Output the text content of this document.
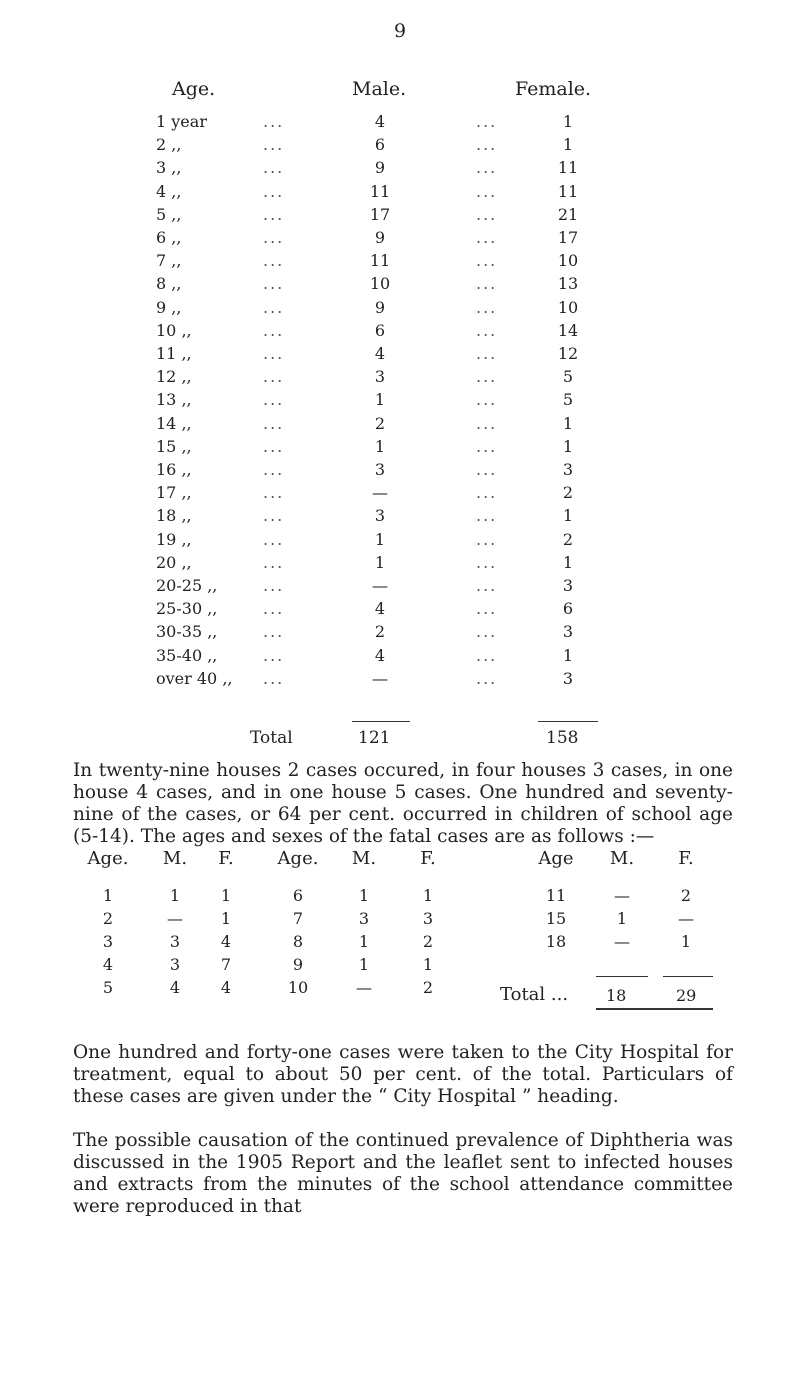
9
Age.	Male.	Female.
1 year	...	4	...	1
2 ,,	...	6	...	1
3 ,,	...	9	...	11
4 ,,	...	11	...	11
5 ,,	...	17	...	21
6 ,,	...	9	...	17
7 ,,	...	11	...	10
8 ,,	...	10	...	13
9 ,,	...	9	...	10
10 ,,	...	6	...	14
11 ,,	...	4	...	12
12 ,,	...	3	...	5
13 ,,	...	1	...	5
14 ,,	...	2	...	1
15 ,,	...	1	...	1
16 ,,	...	3	...	3
17 ,,	...	—	...	2
18 ,,	...	3	...	1
19 ,,	...	1	...	2
20 ,,	...	1	...	1
20-25 ,,	...	—	...	3
25-30 ,,	...	4	...	6
30-35 ,,	...	2	...	3
35-40 ,,	...	4	...	1
over 40 ,, ...	—	...	3
Total	121	158
In twenty-nine houses 2 cases occured, in four houses 3 cases, in one house 4 cases, and in one house 5 cases. One hundred and seventy-nine of the cases, or 64 per cent. occurred in children of school age (5-14). The ages and sexes of the fatal cases are as follows :—
Age. M. F.
1	1	1
2	— 1
3	3	4
4	3	7
5	4	4
Age. M. F.
6	1	1
7	3	3
8	1	2
9	1	1
10	—	2
Age M. F.
11	—	2
15	1	—
18	—	1
Total ... 18	29
One hundred and forty-one cases were taken to the City Hospital for treatment, equal to about 50 per cent. of the total. Particulars of these cases are given under the “ City Hospital ” heading.
The possible causation of the continued prevalence of Diphtheria was discussed in the 1905 Report and the leaflet sent to infected houses and extracts from the minutes of the school attendance committee were reproduced in that
